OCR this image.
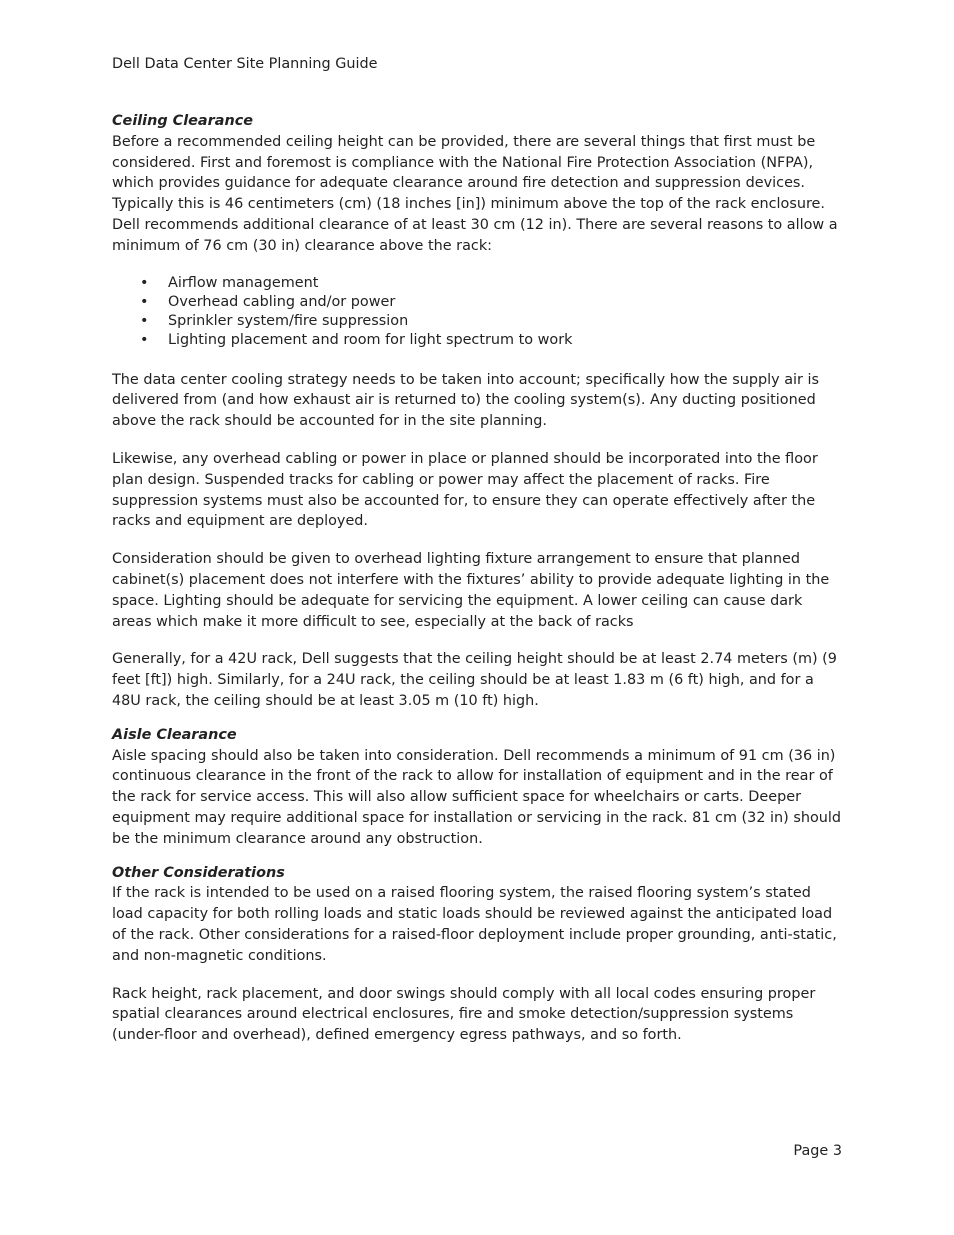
Dell Data Center Site Planning Guide

Ceiling Clearance

Before a recommended ceiling height can be provided, there are several things that first must be considered. First and foremost is compliance with the National Fire Protection Association (NFPA), which provides guidance for adequate clearance around fire detection and suppression devices. Typically this is 46 centimeters (cm) (18 inches [in]) minimum above the top of the rack enclosure. Dell recommends additional clearance of at least 30 cm (12 in). There are several reasons to allow a minimum of 76 cm (30 in) clearance above the rack:

• Airflow management
• Overhead cabling and/or power
• Sprinkler system/fire suppression
• Lighting placement and room for light spectrum to work

The data center cooling strategy needs to be taken into account; specifically how the supply air is delivered from (and how exhaust air is returned to) the cooling system(s). Any ducting positioned above the rack should be accounted for in the site planning.

Likewise, any overhead cabling or power in place or planned should be incorporated into the floor plan design. Suspended tracks for cabling or power may affect the placement of racks. Fire suppression systems must also be accounted for, to ensure they can operate effectively after the racks and equipment are deployed.

Consideration should be given to overhead lighting fixture arrangement to ensure that planned cabinet(s) placement does not interfere with the fixtures’ ability to provide adequate lighting in the space. Lighting should be adequate for servicing the equipment. A lower ceiling can cause dark areas which make it more difficult to see, especially at the back of racks

Generally, for a 42U rack, Dell suggests that the ceiling height should be at least 2.74 meters (m) (9 feet [ft]) high. Similarly, for a 24U rack, the ceiling should be at least 1.83 m (6 ft) high, and for a 48U rack, the ceiling should be at least 3.05 m (10 ft) high.

Aisle Clearance

Aisle spacing should also be taken into consideration. Dell recommends a minimum of 91 cm (36 in) continuous clearance in the front of the rack to allow for installation of equipment and in the rear of the rack for service access. This will also allow sufficient space for wheelchairs or carts. Deeper equipment may require additional space for installation or servicing in the rack. 81 cm (32 in) should be the minimum clearance around any obstruction.

Other Considerations

If the rack is intended to be used on a raised flooring system, the raised flooring system’s stated load capacity for both rolling loads and static loads should be reviewed against the anticipated load of the rack. Other considerations for a raised-floor deployment include proper grounding, anti-static, and non-magnetic conditions.

Rack height, rack placement, and door swings should comply with all local codes ensuring proper spatial clearances around electrical enclosures, fire and smoke detection/suppression systems (under-floor and overhead), defined emergency egress pathways, and so forth.

Page 3
